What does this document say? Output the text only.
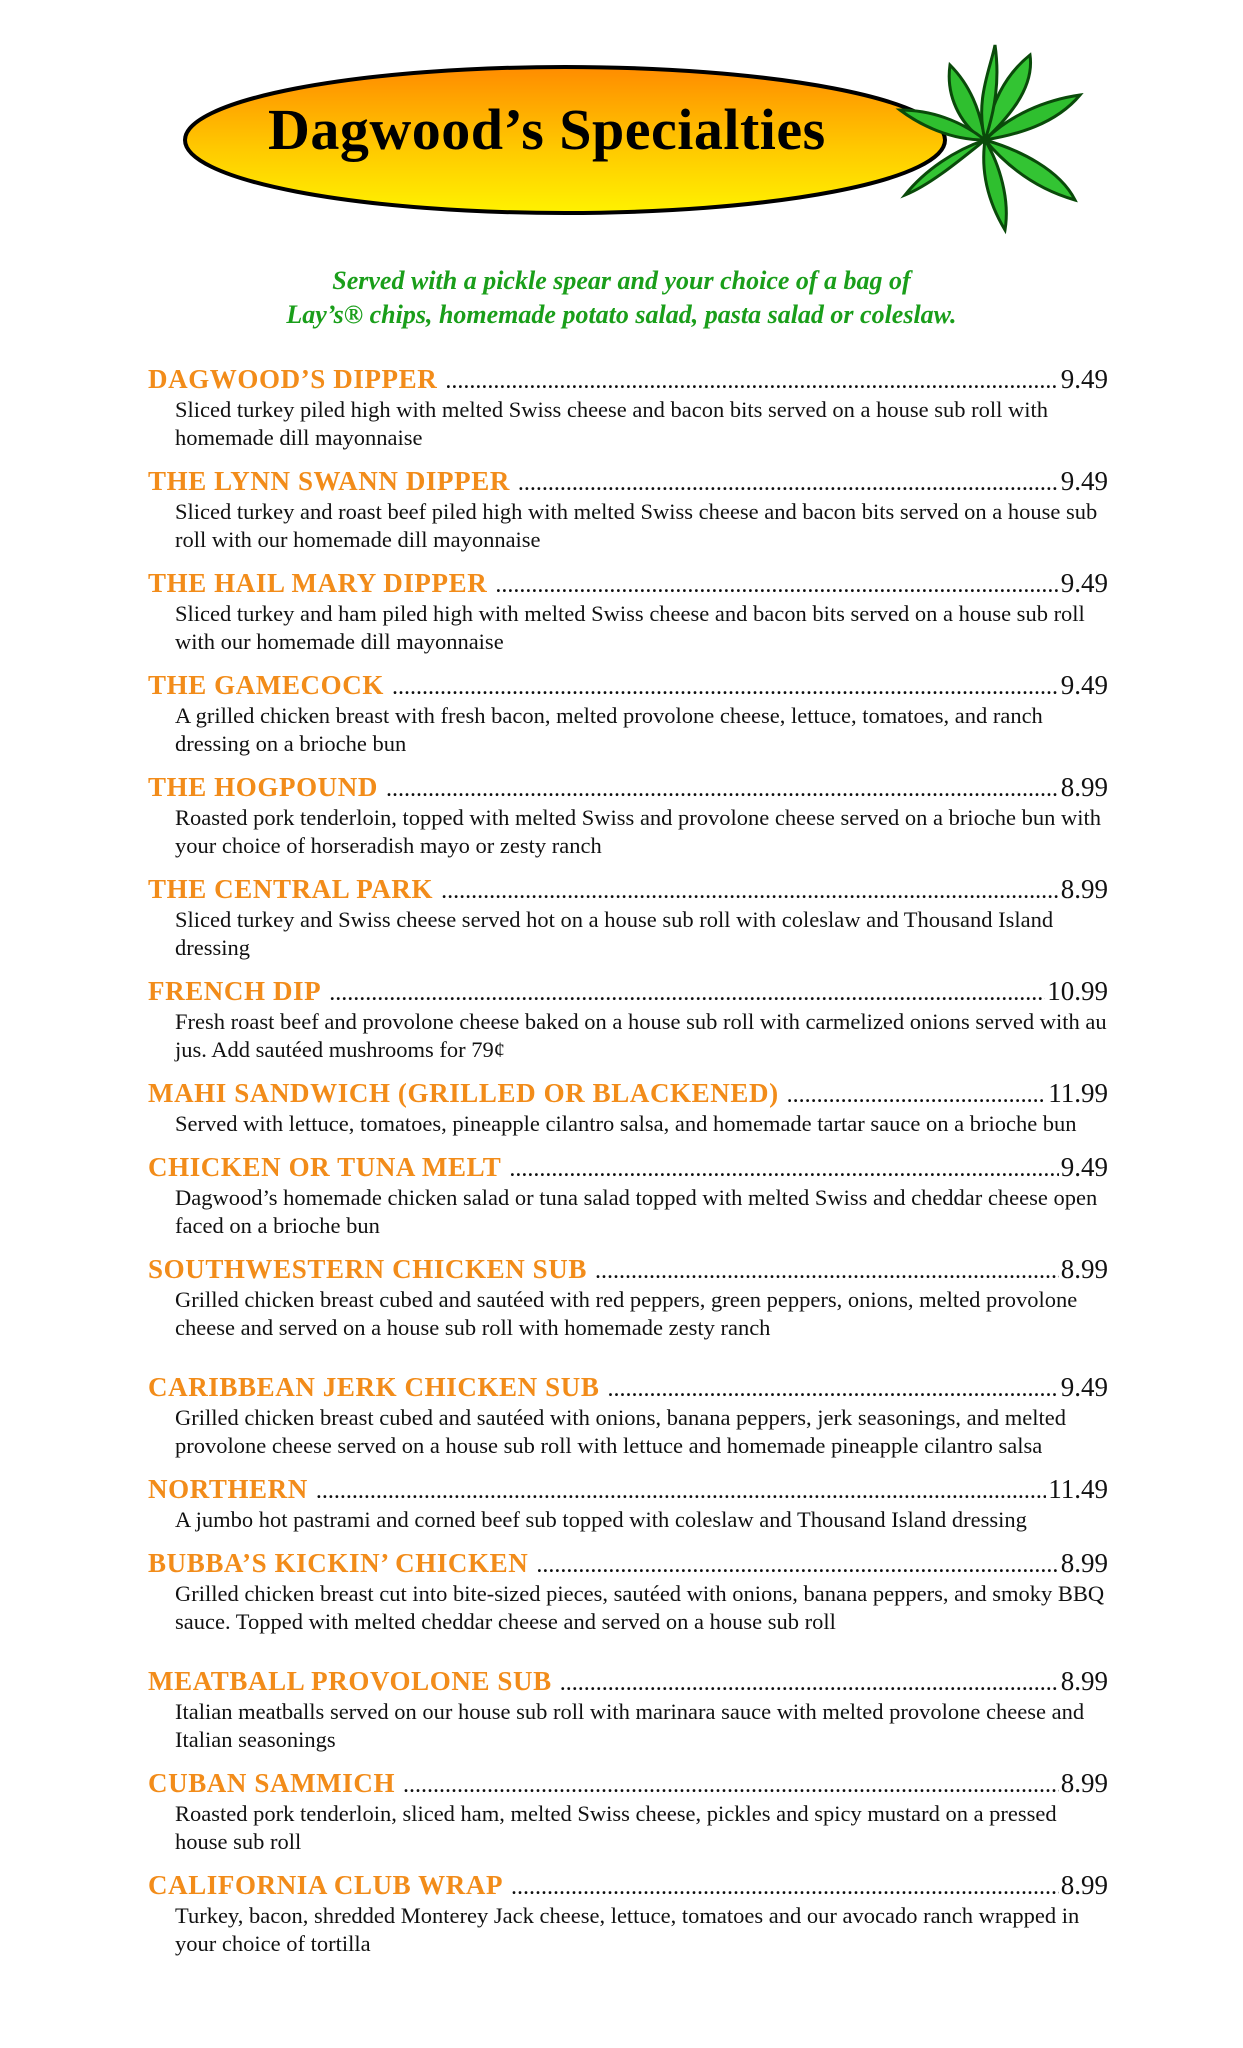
Dagwood’s Specialties
Served with a pickle spear and your choice of a bag of
Lay’s® chips, homemade potato salad, pasta salad or coleslaw.
DAGWOOD’S DIPPER .....	9.49
Sliced turkey piled high with melted Swiss cheese and bacon bits served on a house sub roll with homemade dill mayonnaise
THE LYNN SWANN DIPPER .....	9.49
Sliced turkey and roast beef piled high with melted Swiss cheese and bacon bits served on a house sub roll with our homemade dill mayonnaise
THE HAIL MARY DIPPER .....	9.49
Sliced turkey and ham piled high with melted Swiss cheese and bacon bits served on a house sub roll with our homemade dill mayonnaise
THE GAMECOCK .....	9.49
A grilled chicken breast with fresh bacon, melted provolone cheese, lettuce, tomatoes, and ranch dressing on a brioche bun
THE HOGPOUND .....	8.99
Roasted pork tenderloin, topped with melted Swiss and provolone cheese served on a brioche bun with your choice of horseradish mayo or zesty ranch
THE CENTRAL PARK .....	8.99
Sliced turkey and Swiss cheese served hot on a house sub roll with coleslaw and Thousand Island dressing
FRENCH DIP .....	10.99
Fresh roast beef and provolone cheese baked on a house sub roll with carmelized onions served with au jus. Add sautéed mushrooms for 79¢
MAHI SANDWICH (GRILLED OR BLACKENED) .....	11.99
Served with lettuce, tomatoes, pineapple cilantro salsa, and homemade tartar sauce on a brioche bun
CHICKEN OR TUNA MELT .....	9.49
Dagwood’s homemade chicken salad or tuna salad topped with melted Swiss and cheddar cheese open faced on a brioche bun
SOUTHWESTERN CHICKEN SUB .....	8.99
Grilled chicken breast cubed and sautéed with red peppers, green peppers, onions, melted provolone cheese and served on a house sub roll with homemade zesty ranch
CARIBBEAN JERK CHICKEN SUB .....	9.49
Grilled chicken breast cubed and sautéed with onions, banana peppers, jerk seasonings, and melted provolone cheese served on a house sub roll with lettuce and homemade pineapple cilantro salsa
NORTHERN .....	11.49
A jumbo hot pastrami and corned beef sub topped with coleslaw and Thousand Island dressing
BUBBA’S KICKIN’ CHICKEN .....	8.99
Grilled chicken breast cut into bite-sized pieces, sautéed with onions, banana peppers, and smoky BBQ sauce. Topped with melted cheddar cheese and served on a house sub roll
MEATBALL PROVOLONE SUB .....	8.99
Italian meatballs served on our house sub roll with marinara sauce with melted provolone cheese and Italian seasonings
CUBAN SAMMICH .....	8.99
Roasted pork tenderloin, sliced ham, melted Swiss cheese, pickles and spicy mustard on a pressed house sub roll
CALIFORNIA CLUB WRAP .....	8.99
Turkey, bacon, shredded Monterey Jack cheese, lettuce, tomatoes and our avocado ranch wrapped in your choice of tortilla
